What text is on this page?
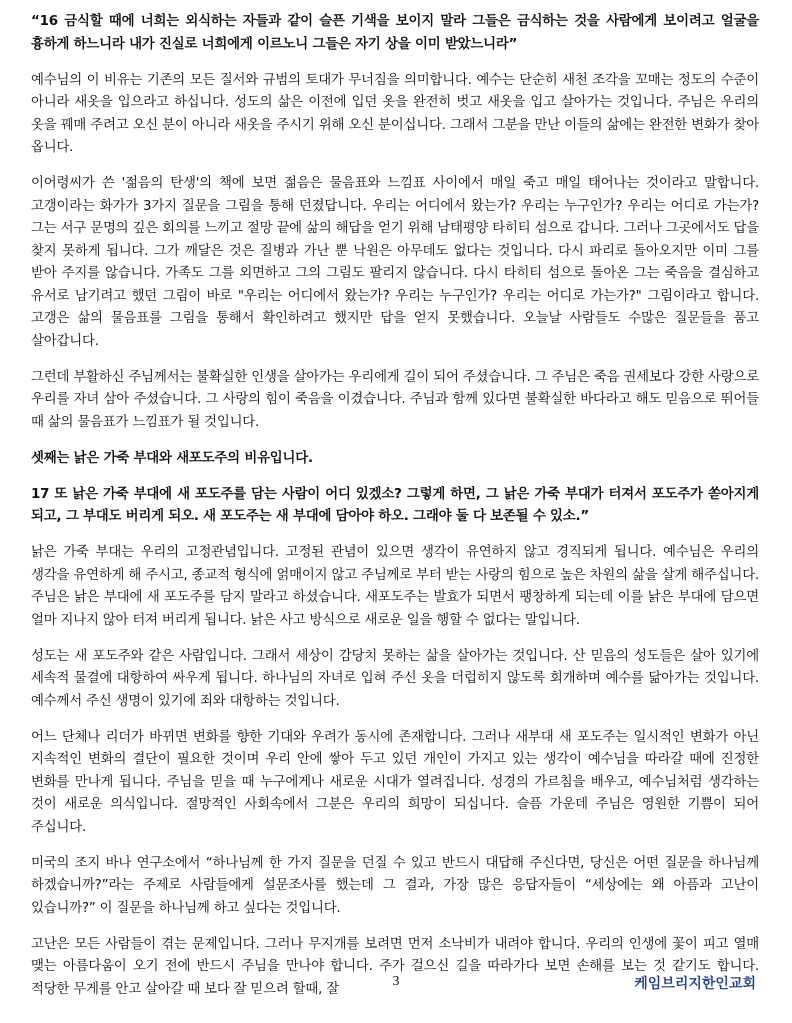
“16 금식할 때에 너희는 외식하는 자들과 같이 슬픈 기색을 보이지 말라 그들은 금식하는 것을 사람에게 보이려고 얼굴을 흉하게 하느니라 내가 진실로 너희에게 이르노니 그들은 자기 상을 이미 받았느니라”

예수님의 이 비유는 기존의 모든 질서와 규범의 토대가 무너짐을 의미합니다. 예수는 단순히 새천 조각을 꼬매는 정도의 수준이 아니라 새옷을 입으라고 하십니다. 성도의 삶은 이전에 입던 옷을 완전히 벗고 새옷을 입고 살아가는 것입니다. 주님은 우리의 옷을 꿰매 주려고 오신 분이 아니라 새옷을 주시기 위해 오신 분이십니다. 그래서 그분을 만난 이들의 삶에는 완전한 변화가 찾아 옵니다.

이어령씨가 쓴 '젊음의 탄생'의 책에 보면 젊음은 물음표와 느낌표 사이에서 매일 죽고 매일 태어나는 것이라고 말합니다. 고갱이라는 화가가 3가지 질문을 그림을 통해 던졌답니다. 우리는 어디에서 왔는가? 우리는 누구인가? 우리는 어디로 가는가? 그는 서구 문명의 깊은 회의를 느끼고 절망 끝에 삶의 해답을 얻기 위해 남태평양 타히티 섬으로 갑니다. 그러나 그곳에서도 답을 찾지 못하게 됩니다. 그가 깨달은 것은 질병과 가난 뿐 낙원은 아무데도 없다는 것입니다. 다시 파리로 돌아오지만 이미 그를 받아 주지를 않습니다. 가족도 그를 외면하고 그의 그림도 팔리지 않습니다. 다시 타히티 섬으로 돌아온 그는 죽음을 결심하고 유서로 남기려고 했던 그림이 바로 "우리는 어디에서 왔는가? 우리는 누구인가? 우리는 어디로 가는가?" 그림이라고 합니다. 고갱은 삶의 물음표를 그림을 통해서 확인하려고 했지만 답을 얻지 못했습니다. 오늘날 사람들도 수많은 질문들을 품고 살아갑니다.

그런데 부활하신 주님께서는 불확실한 인생을 살아가는 우리에게 길이 되어 주셨습니다. 그 주님은 죽음 권세보다 강한 사랑으로 우리를 자녀 삼아 주셨습니다. 그 사랑의 힘이 죽음을 이겼습니다. 주님과 함께 있다면 불확실한 바다라고 해도 믿음으로 뛰어들 때 삶의 물음표가 느낌표가 될 것입니다.

셋째는 낡은 가죽 부대와 새포도주의 비유입니다.

17 또 낡은 가죽 부대에 새 포도주를 담는 사람이 어디 있겠소? 그렇게 하면, 그 낡은 가죽 부대가 터져서 포도주가 쏟아지게 되고, 그 부대도 버리게 되오. 새 포도주는 새 부대에 담아야 하오. 그래야 둘 다 보존될 수 있소.”

낡은 가죽 부대는 우리의 고정관념입니다. 고정된 관념이 있으면 생각이 유연하지 않고 경직되게 됩니다. 예수님은 우리의 생각을 유연하게 해 주시고, 종교적 형식에 얽매이지 않고 주님께로 부터 받는 사랑의 힘으로 높은 차원의 삶을 살게 해주십니다. 주님은 낡은 부대에 새 포도주를 담지 말라고 하셨습니다. 새포도주는 발효가 되면서 팽창하게 되는데 이를 낡은 부대에 담으면 얼마 지나지 않아 터져 버리게 됩니다. 낡은 사고 방식으로 새로운 일을 행할 수 없다는 말입니다.

성도는 새 포도주와 같은 사람입니다. 그래서 세상이 감당치 못하는 삶을 살아가는 것입니다. 산 믿음의 성도들은 살아 있기에 세속적 물결에 대항하여 싸우게 됩니다. 하나님의 자녀로 입혀 주신 옷을 더럽히지 않도록 회개하며 예수를 닮아가는 것입니다. 예수께서 주신 생명이 있기에 죄와 대항하는 것입니다.

어느 단체나 리더가 바뀌면 변화를 향한 기대와 우려가 동시에 존재합니다. 그러나 새부대 새 포도주는 일시적인 변화가 아닌 지속적인 변화의 결단이 필요한 것이며 우리 안에 쌓아 두고 있던 개인이 가지고 있는 생각이 예수님을 따라갈 때에 진정한 변화를 만나게 됩니다. 주님을 믿을 때 누구에게나 새로운 시대가 열려집니다. 성경의 가르침을 배우고, 예수님처럼 생각하는 것이 새로운 의식입니다. 절망적인 사회속에서 그분은 우리의 희망이 되십니다. 슬픔 가운데 주님은 영원한 기쁨이 되어 주십니다.

미국의 조지 바나 연구소에서 “하나님께 한 가지 질문을 던질 수 있고 반드시 대답해 주신다면, 당신은 어떤 질문을 하나님께 하겠습니까?”라는 주제로 사람들에게 설문조사를 했는데 그 결과, 가장 많은 응답자들이 “세상에는 왜 아픔과 고난이 있습니까?” 이 질문을 하나님께 하고 싶다는 것입니다.

고난은 모든 사람들이 겪는 문제입니다. 그러나 무지개를 보려면 먼저 소낙비가 내려야 합니다. 우리의 인생에 꽃이 피고 열매 맺는 아름다움이 오기 전에 반드시 주님을 만나야 합니다. 주가 걸으신 길을 따라가다 보면 손해를 보는 것 같기도 합니다. 적당한 무게를 안고 살아갈 때 보다 잘 믿으려 할때, 잘	3	케임브리지한인교회
